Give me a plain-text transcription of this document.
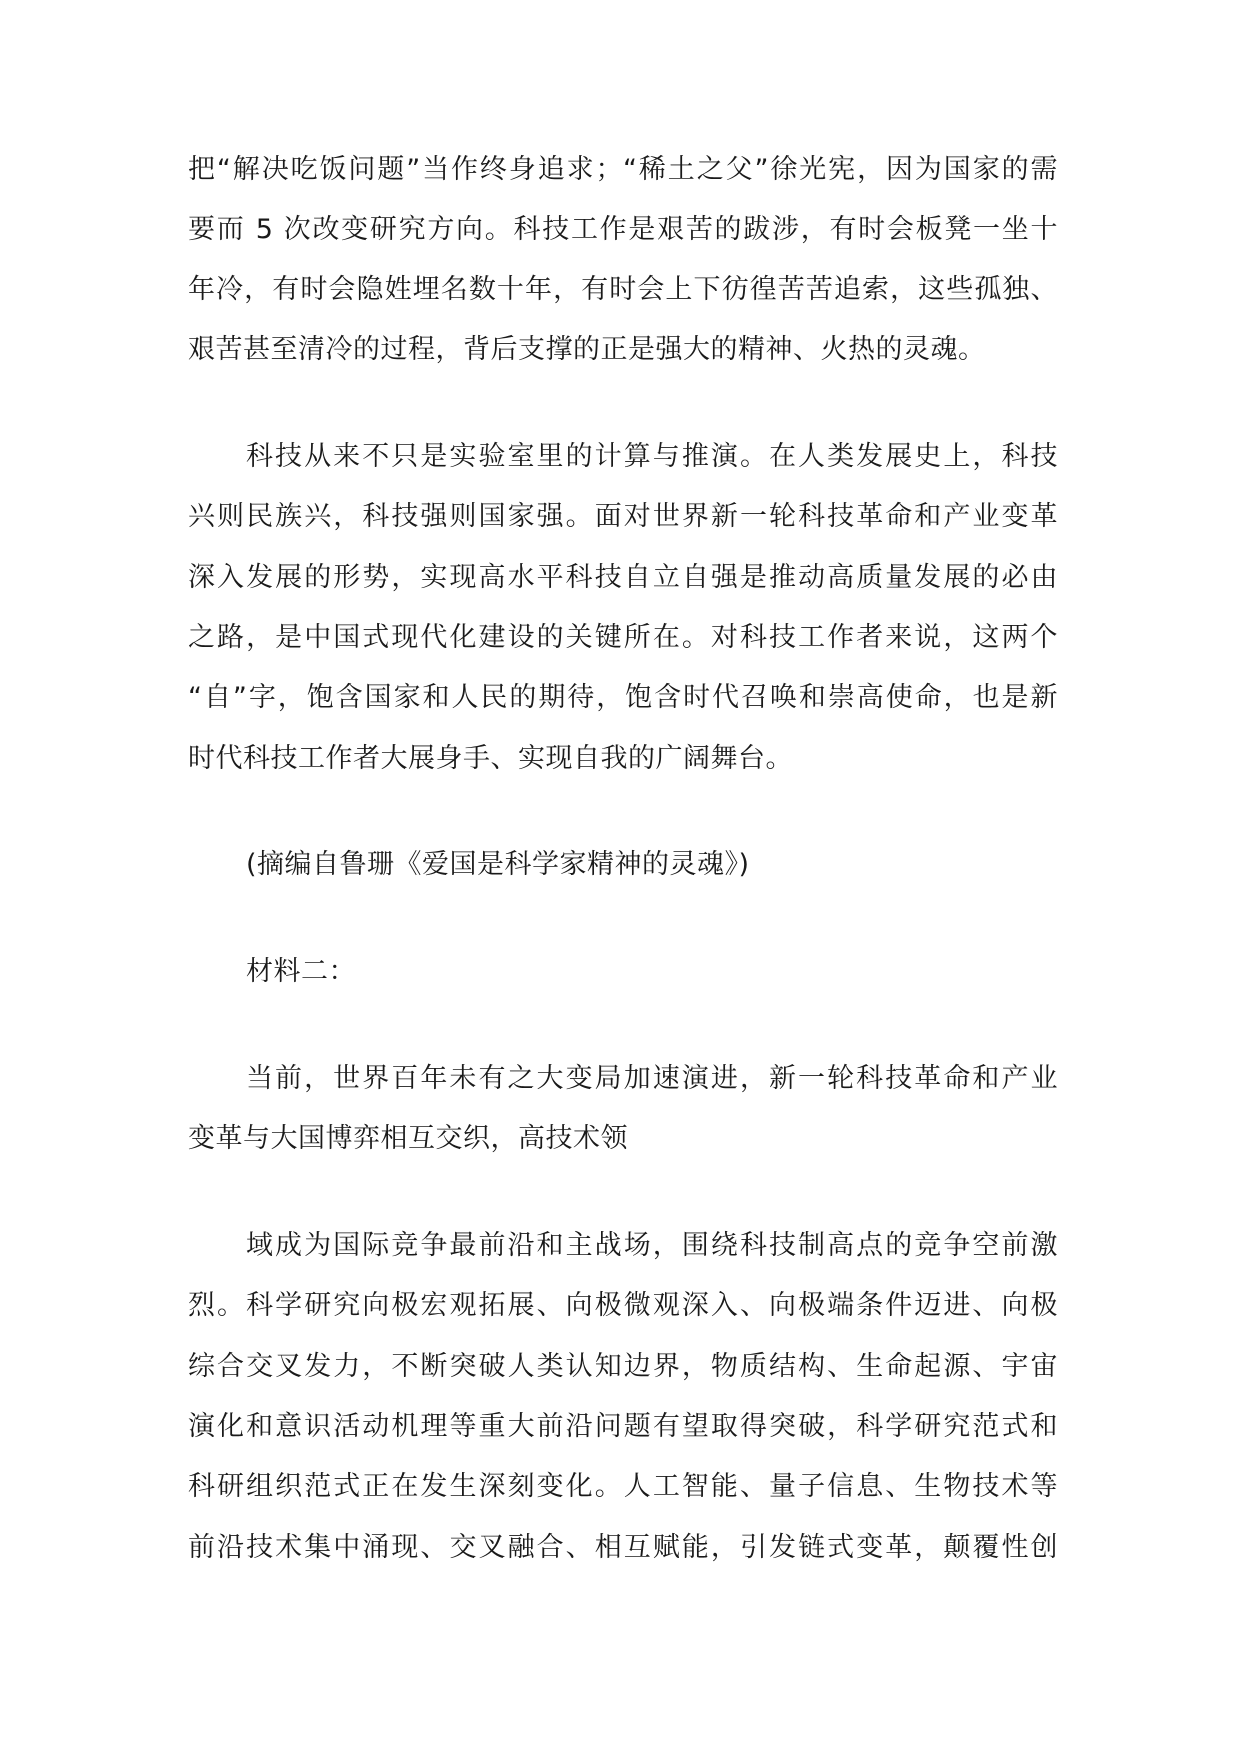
把“解决吃饭问题”当作终身追求；“稀土之父”徐光宪，因为国家的需
要而 5 次改变研究方向。科技工作是艰苦的跋涉，有时会板凳一坐十
年冷，有时会隐姓埋名数十年，有时会上下彷徨苦苦追索，这些孤独、
艰苦甚至清冷的过程，背后支撑的正是强大的精神、火热的灵魂。
科技从来不只是实验室里的计算与推演。在人类发展史上，科技
兴则民族兴，科技强则国家强。面对世界新一轮科技革命和产业变革
深入发展的形势，实现高水平科技自立自强是推动高质量发展的必由
之路，是中国式现代化建设的关键所在。对科技工作者来说，这两个
“自”字，饱含国家和人民的期待，饱含时代召唤和崇高使命，也是新
时代科技工作者大展身手、实现自我的广阔舞台。
(摘编自鲁珊《爱国是科学家精神的灵魂》)
材料二：
当前，世界百年未有之大变局加速演进，新一轮科技革命和产业
变革与大国博弈相互交织，高技术领
域成为国际竞争最前沿和主战场，围绕科技制高点的竞争空前激
烈。科学研究向极宏观拓展、向极微观深入、向极端条件迈进、向极
综合交叉发力，不断突破人类认知边界，物质结构、生命起源、宇宙
演化和意识活动机理等重大前沿问题有望取得突破，科学研究范式和
科研组织范式正在发生深刻变化。人工智能、量子信息、生物技术等
前沿技术集中涌现、交叉融合、相互赋能，引发链式变革，颠覆性创
